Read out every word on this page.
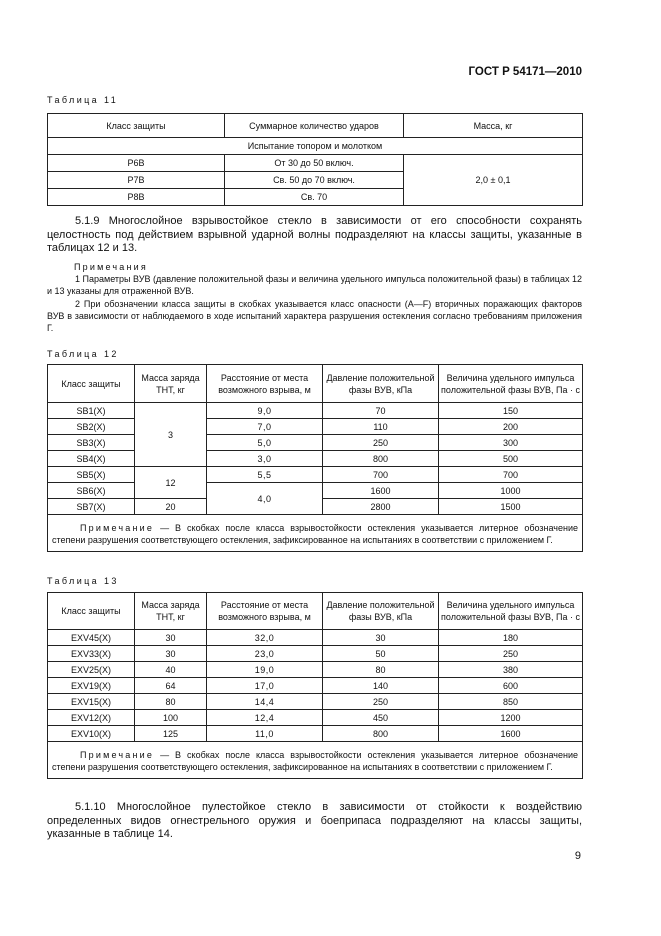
ГОСТ Р 54171—2010
Таблица 11
Класс защиты	Суммарное количество ударов	Масса, кг
Испытание топором и молотком		
P6B	От 30 до 50 включ.	2,0 ± 0,1
P7B	Св. 50 до 70 включ.	
P8B	Св. 70	
5.1.9 Многослойное взрывостойкое стекло в зависимости от его способности сохранять целостность под действием взрывной ударной волны подразделяют на классы защиты, указанные в таблицах 12 и 13.
Примечания
1 Параметры ВУВ (давление положительной фазы и величина удельного импульса положительной фазы) в таблицах 12 и 13 указаны для отраженной ВУВ.
2 При обозначении класса защиты в скобках указывается класс опасности (А—F) вторичных поражающих факторов ВУВ в зависимости от наблюдаемого в ходе испытаний характера разрушения остекления согласно требованиям приложения Г.
Таблица 12
Класс защиты	Масса заряда ТНТ, кг	Расстояние от места возможного взрыва, м	Давление положительной фазы ВУВ, кПа	Величина удельного импульса положительной фазы ВУВ, Па · с
SB1(X)	3	9,0	70	150
SB2(X)		7,0	110	200
SB3(X)		5,0	250	300
SB4(X)		3,0	800	500
SB5(X)	12	5,5	700	700
SB6(X)		4,0	1600	1000
SB7(X)	20		2800	1500
Примечание — В скобках после класса взрывостойкости остекления указывается литерное обозначение степени разрушения соответствующего остекления, зафиксированное на испытаниях в соответствии с приложением Г.				
Таблица 13
Класс защиты	Масса заряда ТНТ, кг	Расстояние от места возможного взрыва, м	Давление положительной фазы ВУВ, кПа	Величина удельного импульса положительной фазы ВУВ, Па · с
EXV45(X)	30	32,0	30	180
EXV33(X)	30	23,0	50	250
EXV25(X)	40	19,0	80	380
EXV19(X)	64	17,0	140	600
EXV15(X)	80	14,4	250	850
EXV12(X)	100	12,4	450	1200
EXV10(X)	125	11,0	800	1600
Примечание — В скобках после класса взрывостойкости остекления указывается литерное обозначение степени разрушения соответствующего остекления, зафиксированное на испытаниях в соответствии с приложением Г.				
5.1.10 Многослойное пулестойкое стекло в зависимости от стойкости к воздействию определенных видов огнестрельного оружия и боеприпаса подразделяют на классы защиты, указанные в таблице 14.
9
